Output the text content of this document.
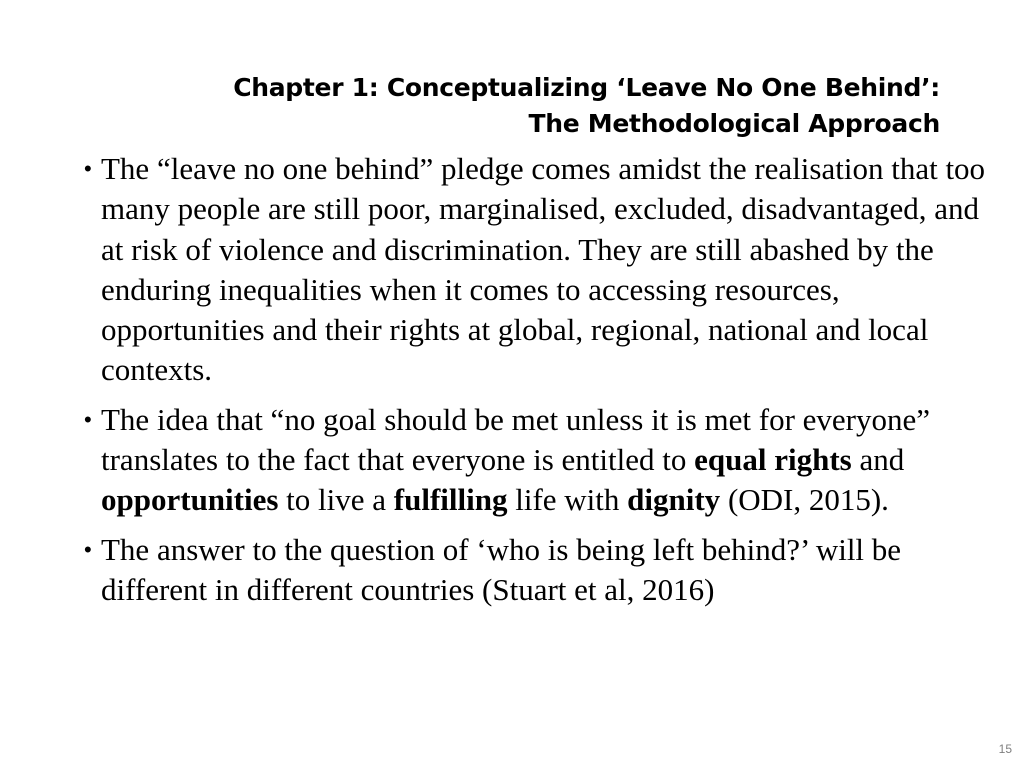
Chapter 1: Conceptualizing ‘Leave No One Behind’:
The Methodological Approach
• The “leave no one behind” pledge comes amidst the realisation that too many people are still poor, marginalised, excluded, disadvantaged, and at risk of violence and discrimination. They are still abashed by the enduring inequalities when it comes to accessing resources, opportunities and their rights at global, regional, national and local contexts.
• The idea that “no goal should be met unless it is met for everyone” translates to the fact that everyone is entitled to equal rights and opportunities to live a fulfilling life with dignity (ODI, 2015).
• The answer to the question of ‘who is being left behind?’ will be different in different countries (Stuart et al, 2016)
15
